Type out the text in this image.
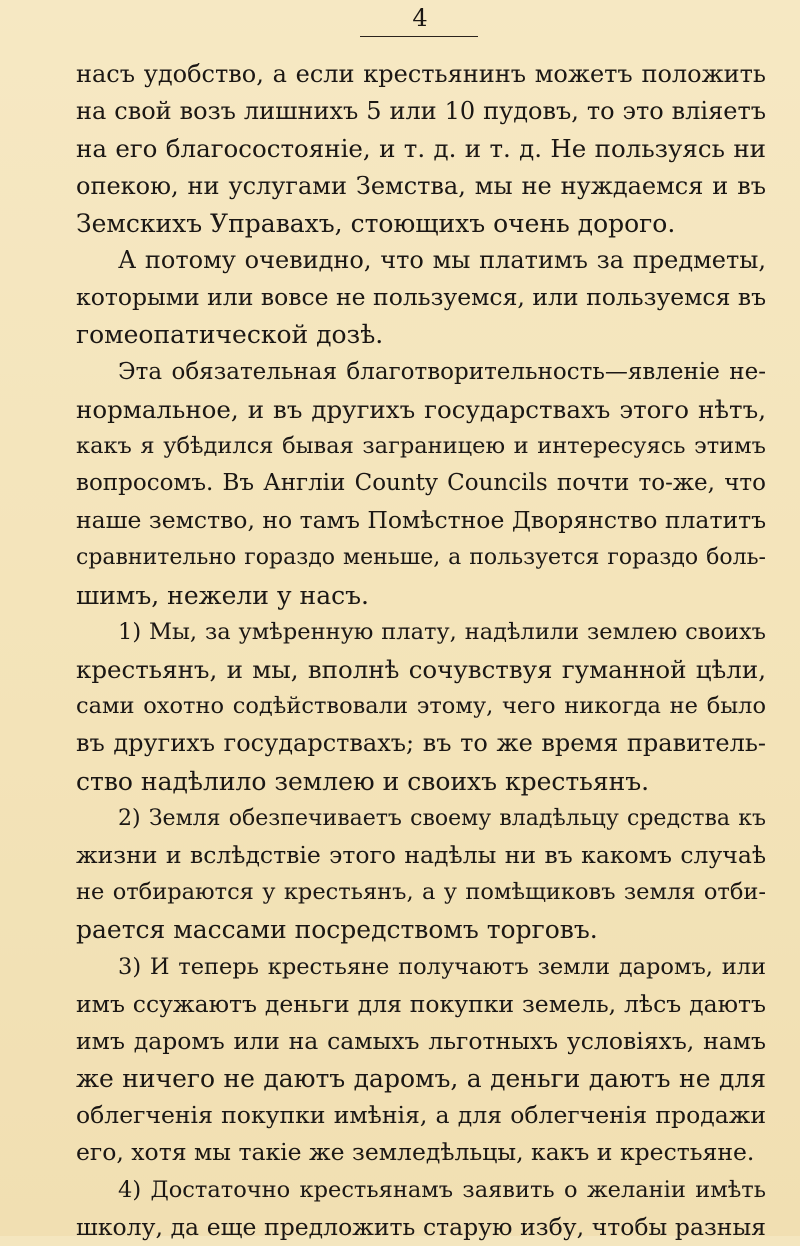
4
насъ удобство, а если крестьянинъ можетъ положить
на свой возъ лишнихъ 5 или 10 пудовъ, то это вліяетъ
на его благосостояніе, и т. д. и т. д. Не пользуясь ни
опекою, ни услугами Земства, мы не нуждаемся и въ
Земскихъ Управахъ, стоющихъ очень дорого.
А потому очевидно, что мы платимъ за предметы,
которыми или вовсе не пользуемся, или пользуемся въ
гомеопатической дозѣ.
Эта обязательная благотворительность—явленіе не-
нормальное, и въ другихъ государствахъ этого нѣтъ,
какъ я убѣдился бывая заграницею и интересуясь этимъ
вопросомъ. Въ Англіи County Councils почти то-же, что
наше земство, но тамъ Помѣстное Дворянство платитъ
сравнительно гораздо меньше, а пользуется гораздо боль-
шимъ, нежели у насъ.
1) Мы, за умѣренную плату, надѣлили землею своихъ
крестьянъ, и мы, вполнѣ сочувствуя гуманной цѣли,
сами охотно содѣйствовали этому, чего никогда не было
въ другихъ государствахъ; въ то же время правитель-
ство надѣлило землею и своихъ крестьянъ.
2) Земля обезпечиваетъ своему владѣльцу средства къ
жизни и вслѣдствіе этого надѣлы ни въ какомъ случаѣ
не отбираются у крестьянъ, а у помѣщиковъ земля отби-
рается массами посредствомъ торговъ.
3) И теперь крестьяне получаютъ земли даромъ, или
имъ ссужаютъ деньги для покупки земель, лѣсъ даютъ
имъ даромъ или на самыхъ льготныхъ условіяхъ, намъ
же ничего не даютъ даромъ, а деньги даютъ не для
облегченія покупки имѣнія, а для облегченія продажи
его, хотя мы такіе же земледѣльцы, какъ и крестьяне.
4) Достаточно крестьянамъ заявить о желаніи имѣть
школу, да еще предложить старую избу, чтобы разныя
